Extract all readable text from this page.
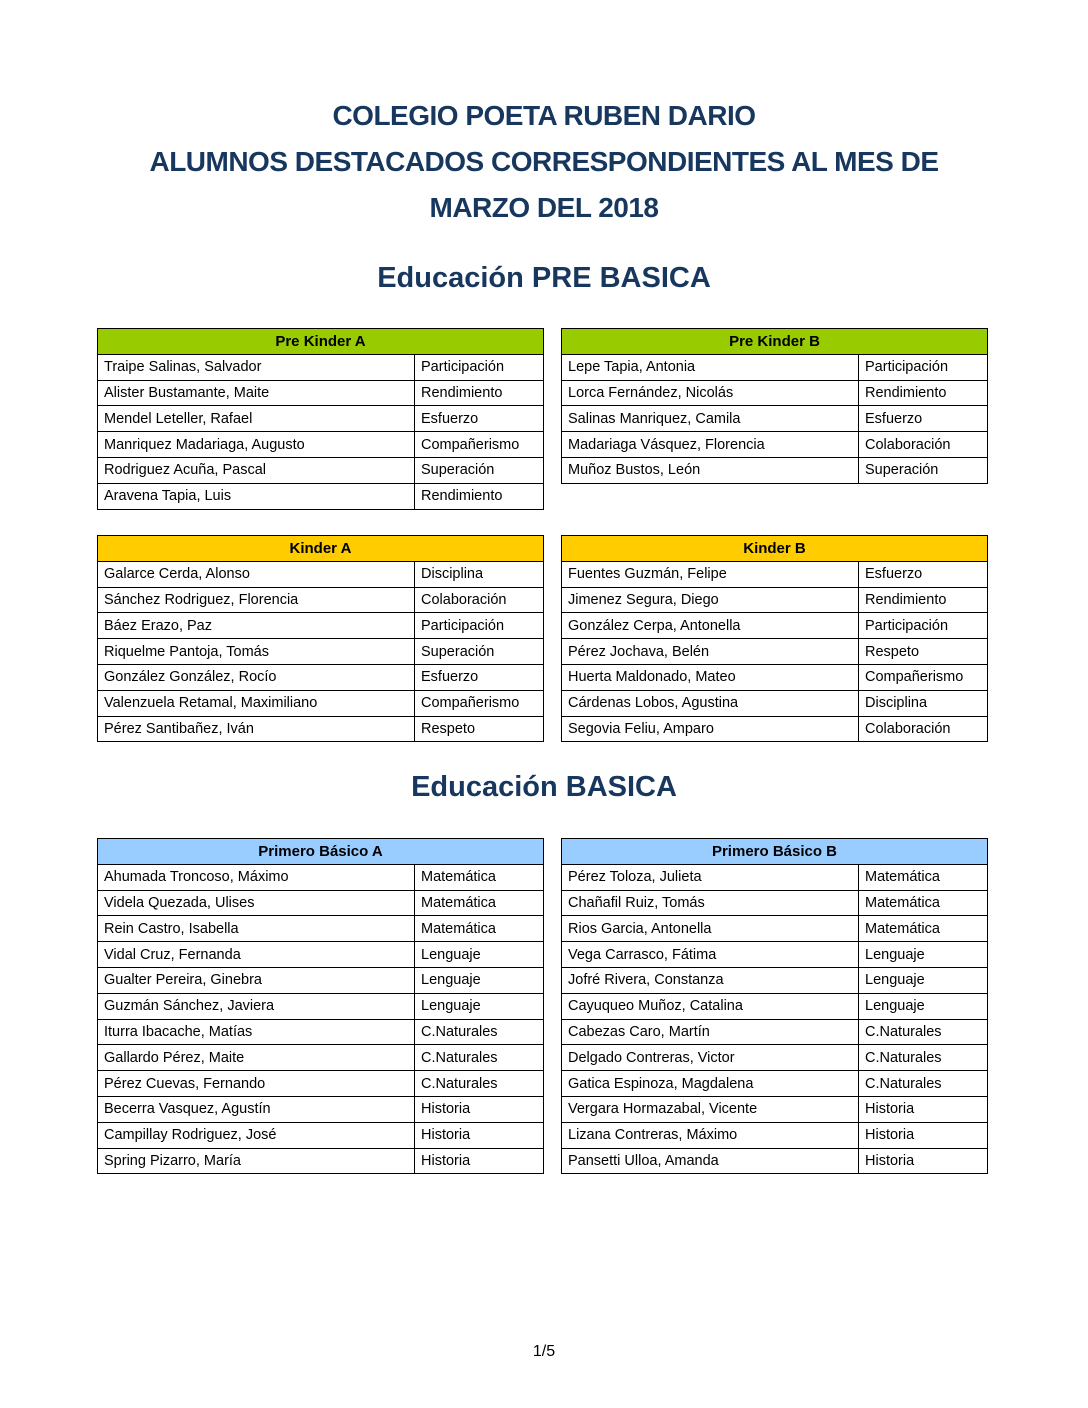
COLEGIO POETA RUBEN DARIO
ALUMNOS DESTACADOS CORRESPONDIENTES AL MES DE
MARZO DEL 2018
Educación PRE BASICA
Pre Kinder A	
Traipe Salinas, Salvador	Participación
Alister Bustamante, Maite	Rendimiento
Mendel Leteller, Rafael	Esfuerzo
Manriquez Madariaga, Augusto	Compañerismo
Rodriguez Acuña, Pascal	Superación
Aravena Tapia, Luis	Rendimiento
Pre Kinder B	
Lepe Tapia, Antonia	Participación
Lorca Fernández, Nicolás	Rendimiento
Salinas Manriquez, Camila	Esfuerzo
Madariaga Vásquez, Florencia	Colaboración
Muñoz Bustos, León	Superación
Kinder A	
Galarce Cerda, Alonso	Disciplina
Sánchez Rodriguez, Florencia	Colaboración
Báez Erazo, Paz	Participación
Riquelme Pantoja, Tomás	Superación
González González, Rocío	Esfuerzo
Valenzuela Retamal, Maximiliano	Compañerismo
Pérez Santibañez, Iván	Respeto
Kinder B	
Fuentes Guzmán, Felipe	Esfuerzo
Jimenez Segura, Diego	Rendimiento
González Cerpa, Antonella	Participación
Pérez Jochava, Belén	Respeto
Huerta Maldonado, Mateo	Compañerismo
Cárdenas Lobos, Agustina	Disciplina
Segovia Feliu, Amparo	Colaboración
Educación BASICA
Primero Básico A	
Ahumada Troncoso, Máximo	Matemática
Videla Quezada, Ulises	Matemática
Rein Castro, Isabella	Matemática
Vidal Cruz, Fernanda	Lenguaje
Gualter Pereira, Ginebra	Lenguaje
Guzmán Sánchez, Javiera	Lenguaje
Iturra Ibacache, Matías	C.Naturales
Gallardo Pérez, Maite	C.Naturales
Pérez Cuevas, Fernando	C.Naturales
Becerra Vasquez, Agustín	Historia
Campillay Rodriguez, José	Historia
Spring Pizarro, María	Historia
Primero Básico B	
Pérez Toloza, Julieta	Matemática
Chañafil Ruiz, Tomás	Matemática
Rios Garcia, Antonella	Matemática
Vega Carrasco, Fátima	Lenguaje
Jofré Rivera, Constanza	Lenguaje
Cayuqueo Muñoz, Catalina	Lenguaje
Cabezas Caro, Martín	C.Naturales
Delgado Contreras, Victor	C.Naturales
Gatica Espinoza, Magdalena	C.Naturales
Vergara Hormazabal, Vicente	Historia
Lizana Contreras, Máximo	Historia
Pansetti Ulloa, Amanda	Historia
1/5
